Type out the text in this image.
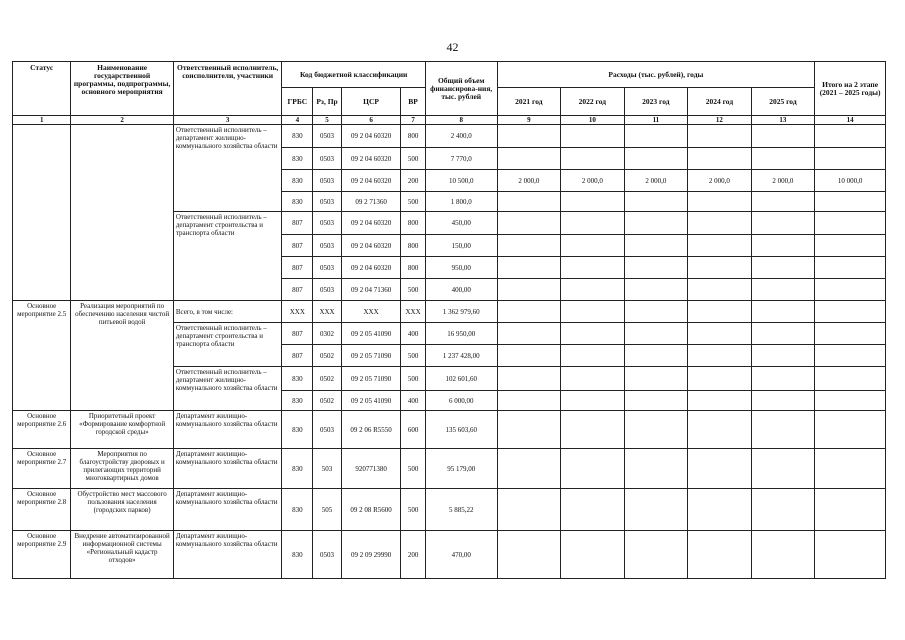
42
Статус	Наименование государственной программы, подпрограммы, основного мероприятия	Ответственный исполнитель, соисполнители, участники	Код бюджетной классификации				Общий объем финансирова-ния, тыс. рублей	Расходы (тыс. рублей), годы					Итого на 2 этапе (2021 – 2025 годы)
			ГРБС	Рз, Пр	ЦСР	ВР		2021 год	2022 год	2023 год	2024 год	2025 год	
1	2	3	4	5	6	7	8	9	10	11	12	13	14
		Ответственный исполнитель – департамент жилищно-коммунального хозяйства области	830	0503	09 2 04 60320	800	2 400,0						
			830	0503	09 2 04 60320	500	7 770,0						
			830	0503	09 2 04 60320	200	10 500,0	2 000,0	2 000,0	2 000,0	2 000,0	2 000,0	10 000,0
			830	0503	09 2 71360	500	1 800,0						
		Ответственный исполнитель – департамент строительства и транспорта области	807	0503	09 2 04 60320	800	450,00						
			807	0503	09 2 04 60320	800	150,00						
			807	0503	09 2 04 60320	800	950,00						
			807	0503	09 2 04 71360	500	400,00						
Основное мероприятие 2.5	Реализация мероприятий по обеспечению населения чистой питьевой водой	Всего, в том числе:	ХХХ	ХХХ	ХХХ	ХХХ	1 362 979,60						
		Ответственный исполнитель – департамент строительства и транспорта области	807	0302	09 2 05 41090	400	16 950,00						
			807	0502	09 2 05 71090	500	1 237 428,00						
		Ответственный исполнитель – департамент жилищно-коммунального хозяйства области	830	0502	09 2 05 71090	500	102 601,60						
			830	0502	09 2 05 41090	400	6 000,00						
Основное мероприятие 2.6	Приоритетный проект «Формирование комфортной городской среды»	Департамент жилищно-коммунального хозяйства области	830	0503	09 2 06 R5550	600	135 603,60						
Основное мероприятие 2.7	Мероприятия по благоустройству дворовых и прилегающих территорий многоквартирных домов	Департамент жилищно-коммунального хозяйства области	830	503	920771380	500	95 179,00						
Основное мероприятие 2.8	Обустройство мест массового пользования населения (городских парков)	Департамент жилищно-коммунального хозяйства области	830	505	09 2 08 R5600	500	5 885,22						
Основное мероприятие 2.9	Внедрение автоматизированной информационной системы «Региональный кадастр отходов»	Департамент жилищно-коммунального хозяйства области	830	0503	09 2 09 29990	200	470,00						
